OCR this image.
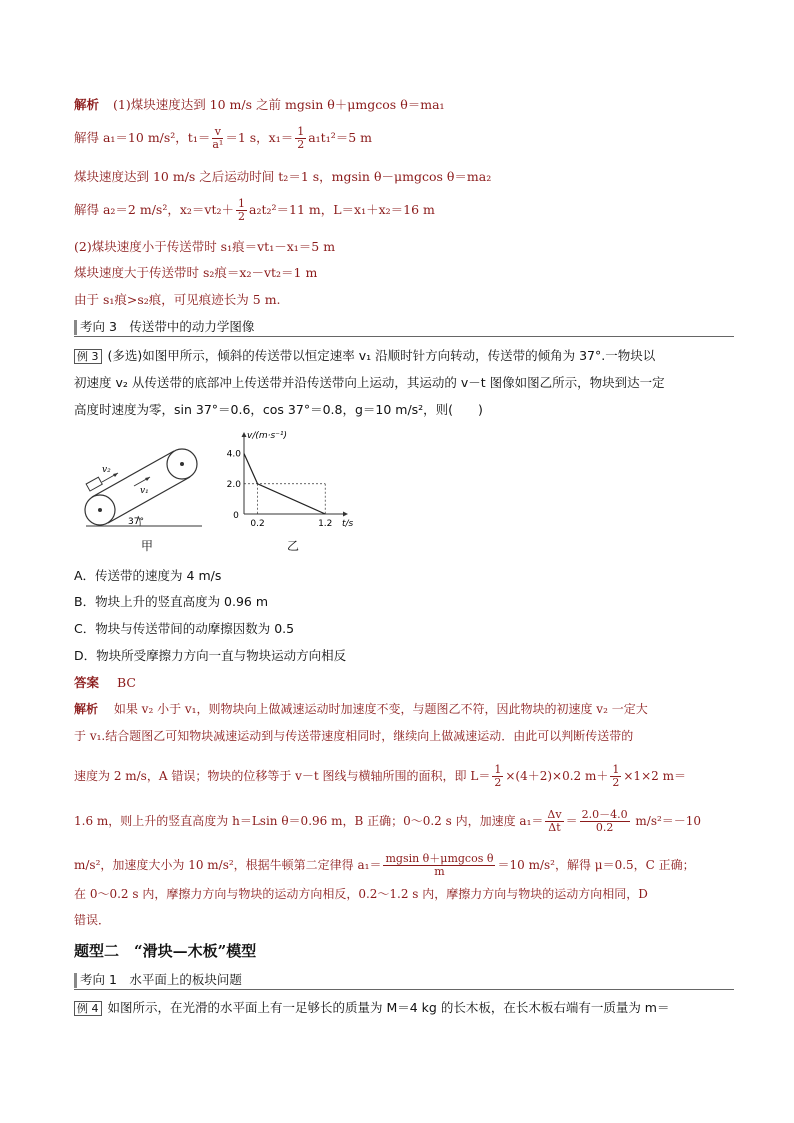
解析 (1)煤块速度达到 10 m/s 之前 mgsin θ＋μmgcos θ＝ma₁
解得 a₁＝10 m/s²，$t_1= \frac{v}{\text{a¹}} =1$ s，$x_1= \frac{1}{2} a_1t_1^2=5$ m
煤块速度达到 10 m/s 之后运动时间 t₂＝1 s，mgsin θ－μmgcos θ＝ma₂
解得 a₂＝2 m/s²，$x_2=vt_2+ \frac{1}{2} a_2t_2^2=11$ m，L＝x₁＋x₂＝16 m
(2)煤块速度小于传送带时 s₁痕＝vt₁－x₁＝5 m
煤块速度大于传送带时 s₂痕＝x₂－vt₂＝1 m
由于 s₁痕>s₂痕，可见痕迹长为 5 m.
考向 3　传送带中的动力学图像
例 3 (多选)如图甲所示，倾斜的传送带以恒定速率 v₁ 沿顺时针方向转动，传送带的倾角为 37°.一物块以
初速度 v₂ 从传送带的底部冲上传送带并沿传送带向上运动，其运动的 v－t 图像如图乙所示，物块到达一定
高度时速度为零，sin 37°＝0.6，cos 37°＝0.8，g＝10 m/s²，则(　　)
v₂
v₁
37°
甲
v/(m·s⁻¹)
t/s
0
2.0
4.0
0.2	1.2
乙
A．传送带的速度为 4 m/s
B．物块上升的竖直高度为 0.96 m
C．物块与传送带间的动摩擦因数为 0.5
D．物块所受摩擦力方向一直与物块运动方向相反
答案 BC
解析 如果 v₂ 小于 v₁，则物块向上做减速运动时加速度不变，与题图乙不符，因此物块的初速度 v₂ 一定大
于 v₁.结合题图乙可知物块减速运动到与传送带速度相同时，继续向上做减速运动．由此可以判断传送带的
速度为 2 m/s，A 错误；物块的位移等于 v－t 图线与横轴所围的面积，即 $L= \frac{1}{2} \times(4+2)\times 0.2$ $m+ \frac{1}{2} \times 1\times 2$ m＝
1.6 m，则上升的竖直高度为 h＝Lsin θ＝0.96 m，B 正确；0～0.2 s 内，加速度 $a_1= \frac{\Delta v}{\Delta t} = \frac{2.0-4.0}{0.2} m/s^2=-10$
m/s²，加速度大小为 10 m/s²，根据牛顿第二定律得 $a_1= \frac{\text{mgsin θ＋μmgcos θ}}{m} =10$ m/s²，解得 μ＝0.5，C 正确；
在 0～0.2 s 内，摩擦力方向与物块的运动方向相反，0.2～1.2 s 内，摩擦力方向与物块的运动方向相同，D
错误．
题型二　“滑块—木板”模型
考向 1　水平面上的板块问题
例 4 如图所示，在光滑的水平面上有一足够长的质量为 M＝4 kg 的长木板，在长木板右端有一质量为 m＝
